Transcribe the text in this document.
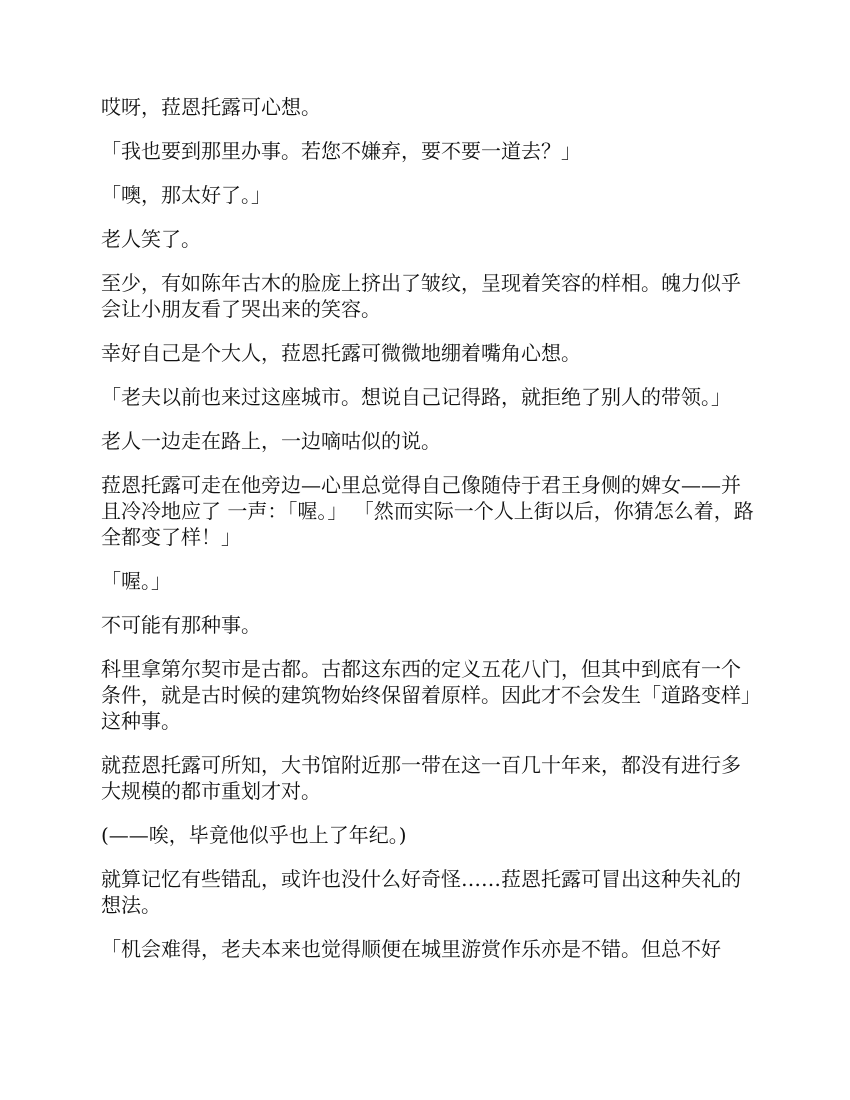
哎呀，菈恩托露可心想。

「我也要到那里办事。若您不嫌弃，要不要一道去？」

「噢，那太好了。」

老人笑了。

至少，有如陈年古木的脸庞上挤出了皱纹，呈现着笑容的样相。魄力似乎会让小朋友看了哭出来的笑容。

幸好自己是个大人，菈恩托露可微微地绷着嘴角心想。

「老夫以前也来过这座城市。想说自己记得路，就拒绝了别人的带领。」

老人一边走在路上，一边嘀咕似的说。

菈恩托露可走在他旁边—心里总觉得自己像随侍于君王身侧的婢女——并且冷冷地应了 一声：「喔。」 「然而实际一个人上街以后，你猜怎么着，路全都变了样！」

「喔。」

不可能有那种事。

科里拿第尔契市是古都。古都这东西的定义五花八门，但其中到底有一个条件，就是古时候的建筑物始终保留着原样。因此才不会发生「道路变样」这种事。

就菈恩托露可所知，大书馆附近那一带在这一百几十年来，都没有进行多大规模的都市重划才对。

(——唉，毕竟他似乎也上了年纪。)

就算记忆有些错乱，或许也没什么好奇怪……菈恩托露可冒出这种失礼的想法。

「机会难得，老夫本来也觉得顺便在城里游赏作乐亦是不错。但总不好
